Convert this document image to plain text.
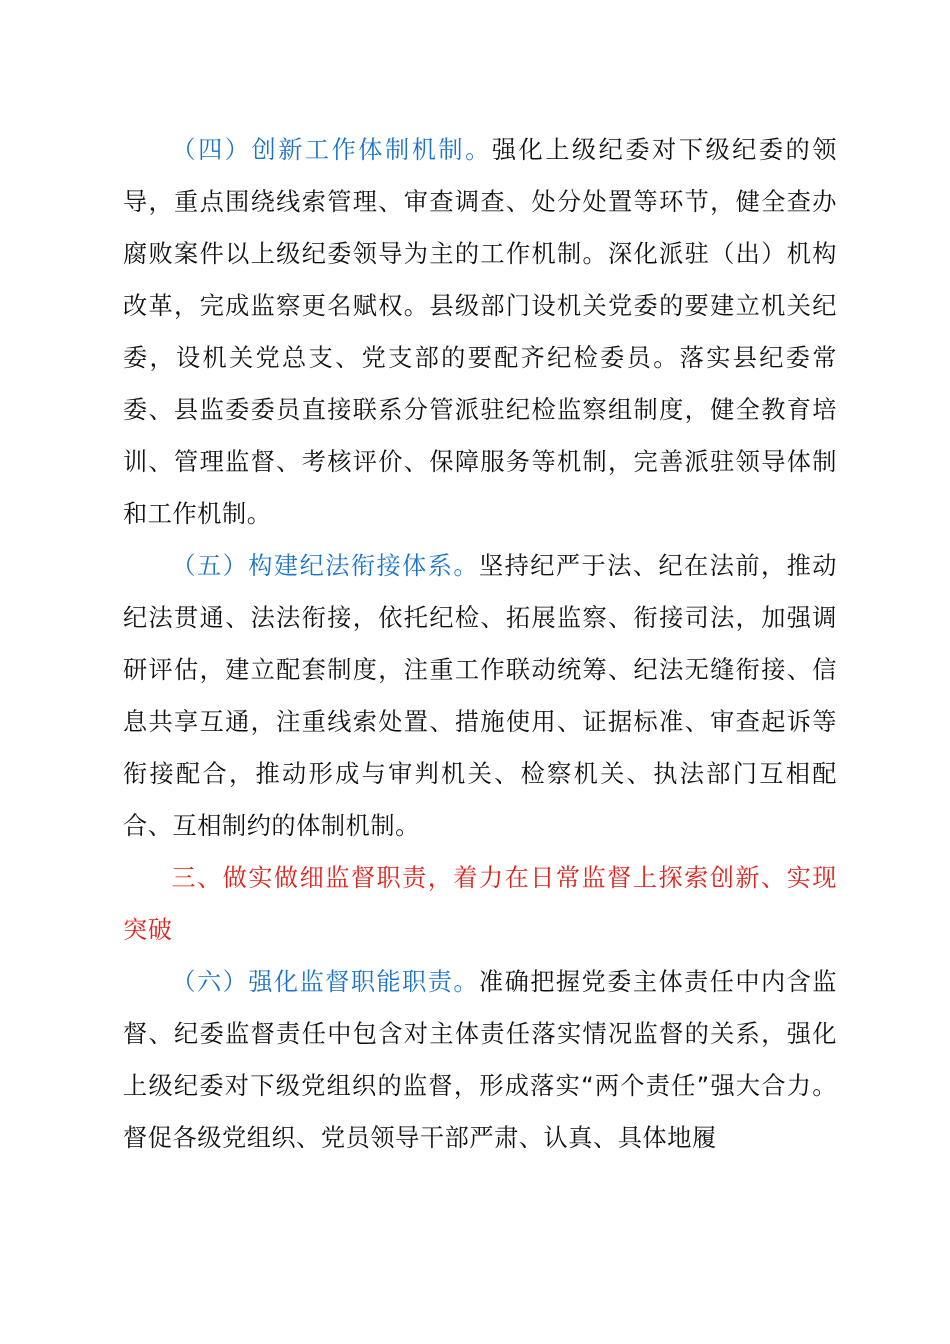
（四）创新工作体制机制。强化上级纪委对下级纪委的领导，重点围绕线索管理、审查调查、处分处置等环节，健全查办腐败案件以上级纪委领导为主的工作机制。深化派驻（出）机构改革，完成监察更名赋权。县级部门设机关党委的要建立机关纪委，设机关党总支、党支部的要配齐纪检委员。落实县纪委常委、县监委委员直接联系分管派驻纪检监察组制度，健全教育培训、管理监督、考核评价、保障服务等机制，完善派驻领导体制和工作机制。

（五）构建纪法衔接体系。坚持纪严于法、纪在法前，推动纪法贯通、法法衔接，依托纪检、拓展监察、衔接司法，加强调研评估，建立配套制度，注重工作联动统筹、纪法无缝衔接、信息共享互通，注重线索处置、措施使用、证据标准、审查起诉等衔接配合，推动形成与审判机关、检察机关、执法部门互相配合、互相制约的体制机制。

三、做实做细监督职责，着力在日常监督上探索创新、实现突破

（六）强化监督职能职责。准确把握党委主体责任中内含监督、纪委监督责任中包含对主体责任落实情况监督的关系，强化上级纪委对下级党组织的监督，形成落实“两个责任”强大合力。督促各级党组织、党员领导干部严肃、认真、具体地履
